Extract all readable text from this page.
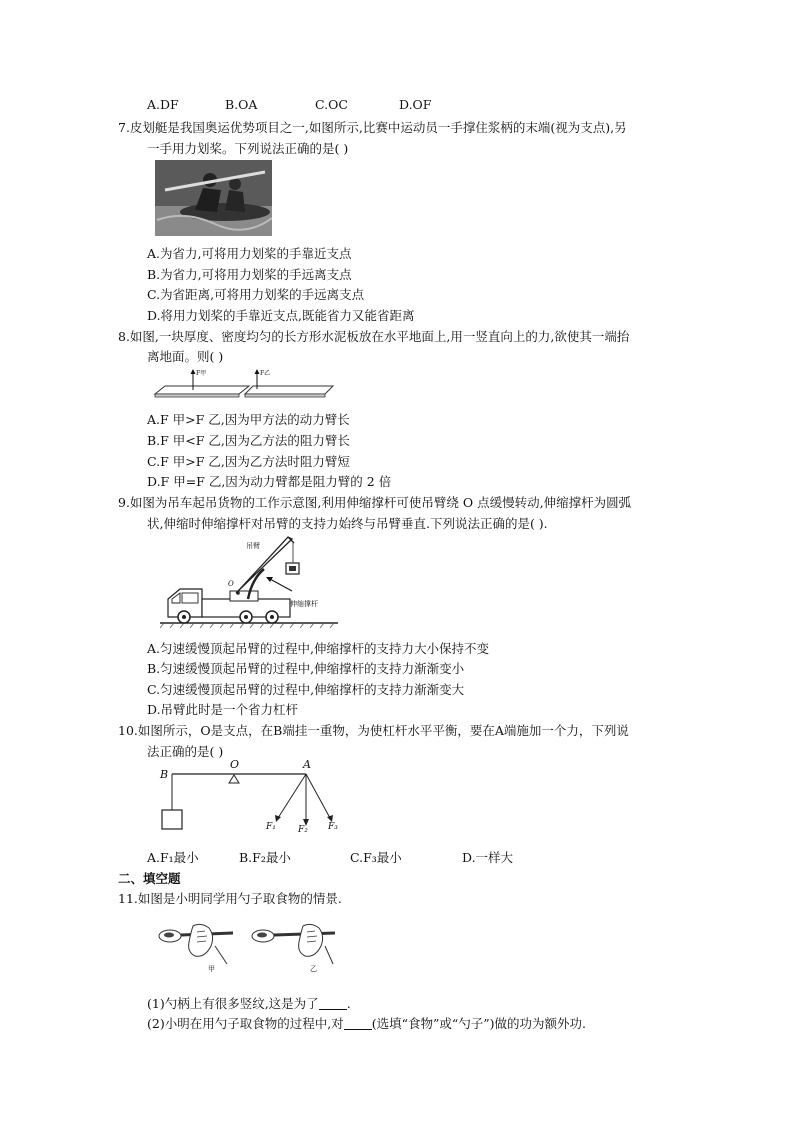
A.DF	B.OA	C.OC	D.OF
7.皮划艇是我国奥运优势项目之一,如图所示,比赛中运动员一手撑住浆柄的末端(视为支点),另
一手用力划桨。下列说法正确的是( )
A.为省力,可将用力划桨的手靠近支点
B.为省力,可将用力划桨的手远离支点
C.为省距离,可将用力划桨的手远离支点
D.将用力划桨的手靠近支点,既能省力又能省距离
8.如图,一块厚度、密度均匀的长方形水泥板放在水平地面上,用一竖直向上的力,欲使其一端抬
离地面。则( )
F甲	F乙
A.F 甲>F 乙,因为甲方法的动力臂长
B.F 甲<F 乙,因为乙方法的阻力臂长
C.F 甲>F 乙,因为乙方法时阻力臂短
D.F 甲=F 乙,因为动力臂都是阻力臂的 2 倍
9.如图为吊车起吊货物的工作示意图,利用伸缩撑杆可使吊臂绕 O 点缓慢转动,伸缩撑杆为圆弧
状,伸缩时伸缩撑杆对吊臂的支持力始终与吊臂垂直.下列说法正确的是( ).
吊臂
O
伸缩撑杆
A.匀速缓慢顶起吊臂的过程中,伸缩撑杆的支持力大小保持不变
B.匀速缓慢顶起吊臂的过程中,伸缩撑杆的支持力渐渐变小
C.匀速缓慢顶起吊臂的过程中,伸缩撑杆的支持力渐渐变大
D.吊臂此时是一个省力杠杆
10.如图所示，O是支点，在B端挂一重物，为使杠杆水平平衡，要在A端施加一个力，下列说
法正确的是( )
B
O	A
F₁ F₂ F₃
A.F₁最小	B.F₂最小	C.F₃最小	D.一样大
二、填空题
11.如图是小明同学用勺子取食物的情景.
甲	乙
(1)勺柄上有很多竖纹,这是为了 .
(2)小明在用勺子取食物的过程中,对 (选填“食物”或“勺子”)做的功为额外功.
